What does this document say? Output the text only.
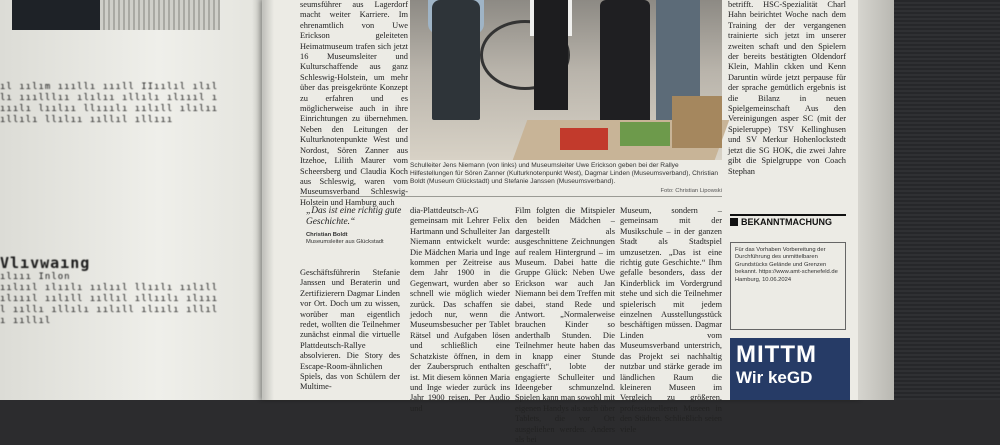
ıl ıılım ıııllı ıııll IIıılıl ılıllı ııılllıı ılılıı ıllılı ılıııl ıııılı lıılıı llııılı ıılıll ılılıı ıllılı llılıı ııllıl ıllııı
Vlıvwaıng
ılııı Inlon
ıılııl ılıılı ıılııl llıılı ıılıll ılıııl ıılıll ııllıl ıllıılı ılıııl ııllı ıllılı ıılıll ılıılı ıllılı ııllıl
seumsführer aus Lagerdorf macht weiter Karriere. Im ehrenamtlich von Uwe Erickson geleiteten Heimatmuseum trafen sich jetzt 16 Museumsleiter und Kulturschaffende aus ganz Schleswig-Holstein, um mehr über das preisgekrönte Konzept zu erfahren und es möglicherweise auch in ihre Einrichtungen zu übernehmen. Neben den Leitungen der Kulturknotenpunkte West und Nordost, Sören Zanner aus Itzehoe, Lilith Maurer vom Scheersberg und Claudia Koch aus Schleswig, waren vom Museumsverband Schleswig-Holstein und Hamburg auch
Schulleiter Jens Niemann (von links) und Museumsleiter Uwe Erickson geben bei der Rallye Hilfestellungen für Sören Zanner (Kulturknotenpunkt West), Dagmar Linden (Museumsverband), Christian Boldt (Museum Glückstadt) und Stefanie Janssen (Museumsverband).
Foto: Christian Lipowski
betrifft. HSC-Spezialität Charl Hahn beirichtet Woche nach dem Training der der vergangenen trainierte sich jetzt im unserer zweiten schaft und den Spielern der bereits bestätigten Oldendorf Klein, Mahlin ckken und Kenn Daruntin würde jetzt perpause für der sprache gemütlich ergebnis ist die Bilanz in neuen Spielgemeinschaft Aus den Vereinigungen asper SC (mit der Spieleruppe) TSV Kellinghusen und SV Merkur Hohenlockstedt jetzt die SG HOK, die zwei Jahre gibt die Spielgruppe von Coach Stephan
BEKANNTMACHUNG
Für das Vorhaben Vorbereitung der Durchführung des unmittelbaren Grundstücks Gelände und Grenzen bekannt. https://www.amt-schenefeld.de Hamburg, 10.06.2024
MITTM
Wir keGD
„Das ist eine richtig gute Geschichte.“
Christian Boldt
Museumsleiter aus Glückstadt
Geschäftsführerin Stefanie Janssen und Beraterin und Zertifizierern Dagmar Linden vor Ort. Doch um zu wissen, worüber man eigentlich redet, wollten die Teilnehmer zunächst einmal die virtuelle Plattdeutsch-Rallye absolvieren. Die Story des Escape-Room-ähnlichen Spiels, das von Schülern der Multime-
dia-Plattdeutsch-AG gemeinsam mit Lehrer Felix Hartmann und Schulleiter Jan Niemann entwickelt wurde: Die Mädchen Maria und Inge kommen per Zeitreise aus dem Jahr 1900 in die Gegenwart, wurden aber so schnell wie möglich wieder zurück. Das schaffen sie jedoch nur, wenn die Museumsbesucher per Tablet Rätsel und Aufgaben lösen und schließlich eine Schatzkiste öffnen, in dem der Zauberspruch enthalten ist. Mit diesem können Maria und Inge wieder zurück ins Jahr 1900 reisen. Per Audio und
Film folgten die Mitspieler den beiden Mädchen – dargestellt als ausgeschnittene Zeichnungen auf realem Hintergrund – im Museum. Dabei hatte die Gruppe Glück: Neben Uwe Erickson war auch Jan Niemann bei dem Treffen mit dabei, stand Rede und Antwort. „Normalerweise brauchen Kinder so anderthalb Stunden. Die Teilnehmer heute haben das in knapp einer Stunde geschafft“, lobte der engagierte Schulleiter und Ideengeber schmunzelnd. Spielen kann man sowohl mit eigenen Handys als auch über Tablets, die vor Ort ausgeliehen werden. Anders als bei
Museum, sondern – gemeinsam mit der Musikschule – in der ganzen Stadt als Stadtspiel umzusetzen. „Das ist eine richtig gute Geschichte.“ Ihm gefalle besonders, dass der Kinderblick im Vordergrund stehe und sich die Teilnehmer spielerisch mit jedem einzelnen Ausstellungsstück beschäftigen müssen. Dagmar Linden vom Museumsverband unterstrich, das Projekt sei nachhaltig nutzbar und stärke gerade im ländlichen Raum die kleineren Museen im Vergleich zu größeren, professionelleren Museen in den Städten. Schließlich seien viele
